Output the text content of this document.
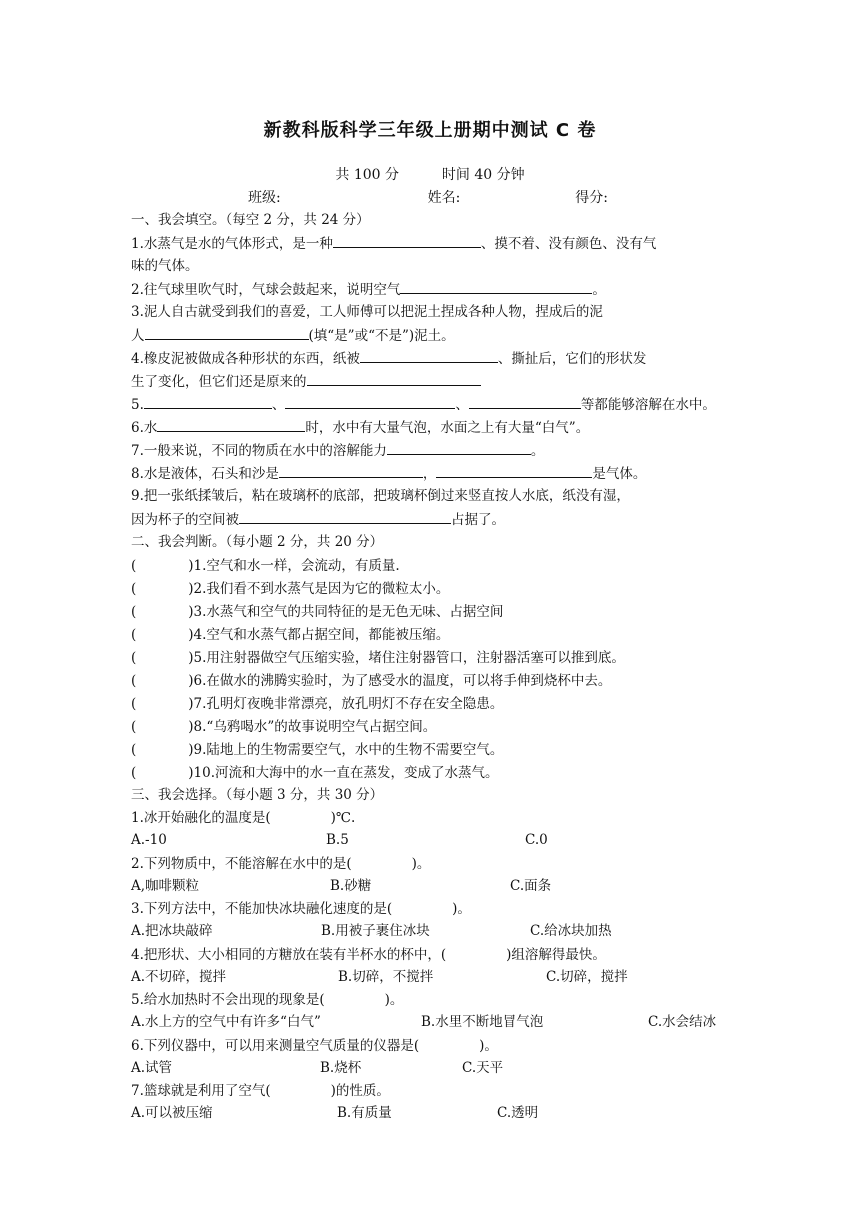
新教科版科学三年级上册期中测试 C 卷
共 100 分	时间 40 分钟
班级:	姓名:	得分:
一、我会填空。（每空 2 分，共 24 分）
1.水蒸气是水的气体形式，是一种	、摸不着、没有颜色、没有气
味的气体。
2.往气球里吹气时，气球会鼓起来，说明空气	。
3.泥人自古就受到我们的喜爱，工人师傅可以把泥土捏成各种人物，捏成后的泥
人	(填“是”或“不是”)泥土。
4.橡皮泥被做成各种形状的东西，纸被	、撕扯后，它们的形状发
生了变化，但它们还是原来的
5.	、	、	等都能够溶解在水中。
6.水	时，水中有大量气泡，水面之上有大量“白气”。
7.一般来说，不同的物质在水中的溶解能力	。
8.水是液体，石头和沙是	，	是气体。
9.把一张纸揉皱后，粘在玻璃杯的底部，把玻璃杯倒过来竖直按人水底，纸没有湿，
因为杯子的空间被	占据了。
二、我会判断。（每小题 2 分，共 20 分）
(	)1.空气和水一样，会流动，有质量.
(	)2.我们看不到水蒸气是因为它的微粒太小。
(	)3.水蒸气和空气的共同特征的是无色无味、占据空间
(	)4.空气和水蒸气都占据空间，都能被压缩。
(	)5.用注射器做空气压缩实验，堵住注射器管口，注射器活塞可以推到底。
(	)6.在做水的沸腾实验时，为了感受水的温度，可以将手伸到烧杯中去。
(	)7.孔明灯夜晚非常漂亮，放孔明灯不存在安全隐患。
(	)8.“乌鸦喝水”的故事说明空气占据空间。
(	)9.陆地上的生物需要空气，水中的生物不需要空气。
(	)10.河流和大海中的水一直在蒸发，变成了水蒸气。
三、我会选择。（每小题 3 分，共 30 分）
1.冰开始融化的温度是(	)℃.
A.-10	B.5	C.0
2.下列物质中，不能溶解在水中的是(	)。
A,咖啡颗粒	B.砂糖	C.面条
3.下列方法中，不能加快冰块融化速度的是(	)。
A.把冰块敲碎	B.用被子裹住冰块	C.给冰块加热
4.把形状、大小相同的方糖放在装有半杯水的杯中，(	)组溶解得最快。
A.不切碎，搅拌	B.切碎，不搅拌	C.切碎，搅拌
5.给水加热时不会出现的现象是(	)。
A.水上方的空气中有许多“白气”	B.水里不断地冒气泡	C.水会结冰
6.下列仪器中，可以用来测量空气质量的仪器是(	)。
A.试管	B.烧杯	C.天平
7.篮球就是利用了空气(	)的性质。
A.可以被压缩	B.有质量	C.透明
